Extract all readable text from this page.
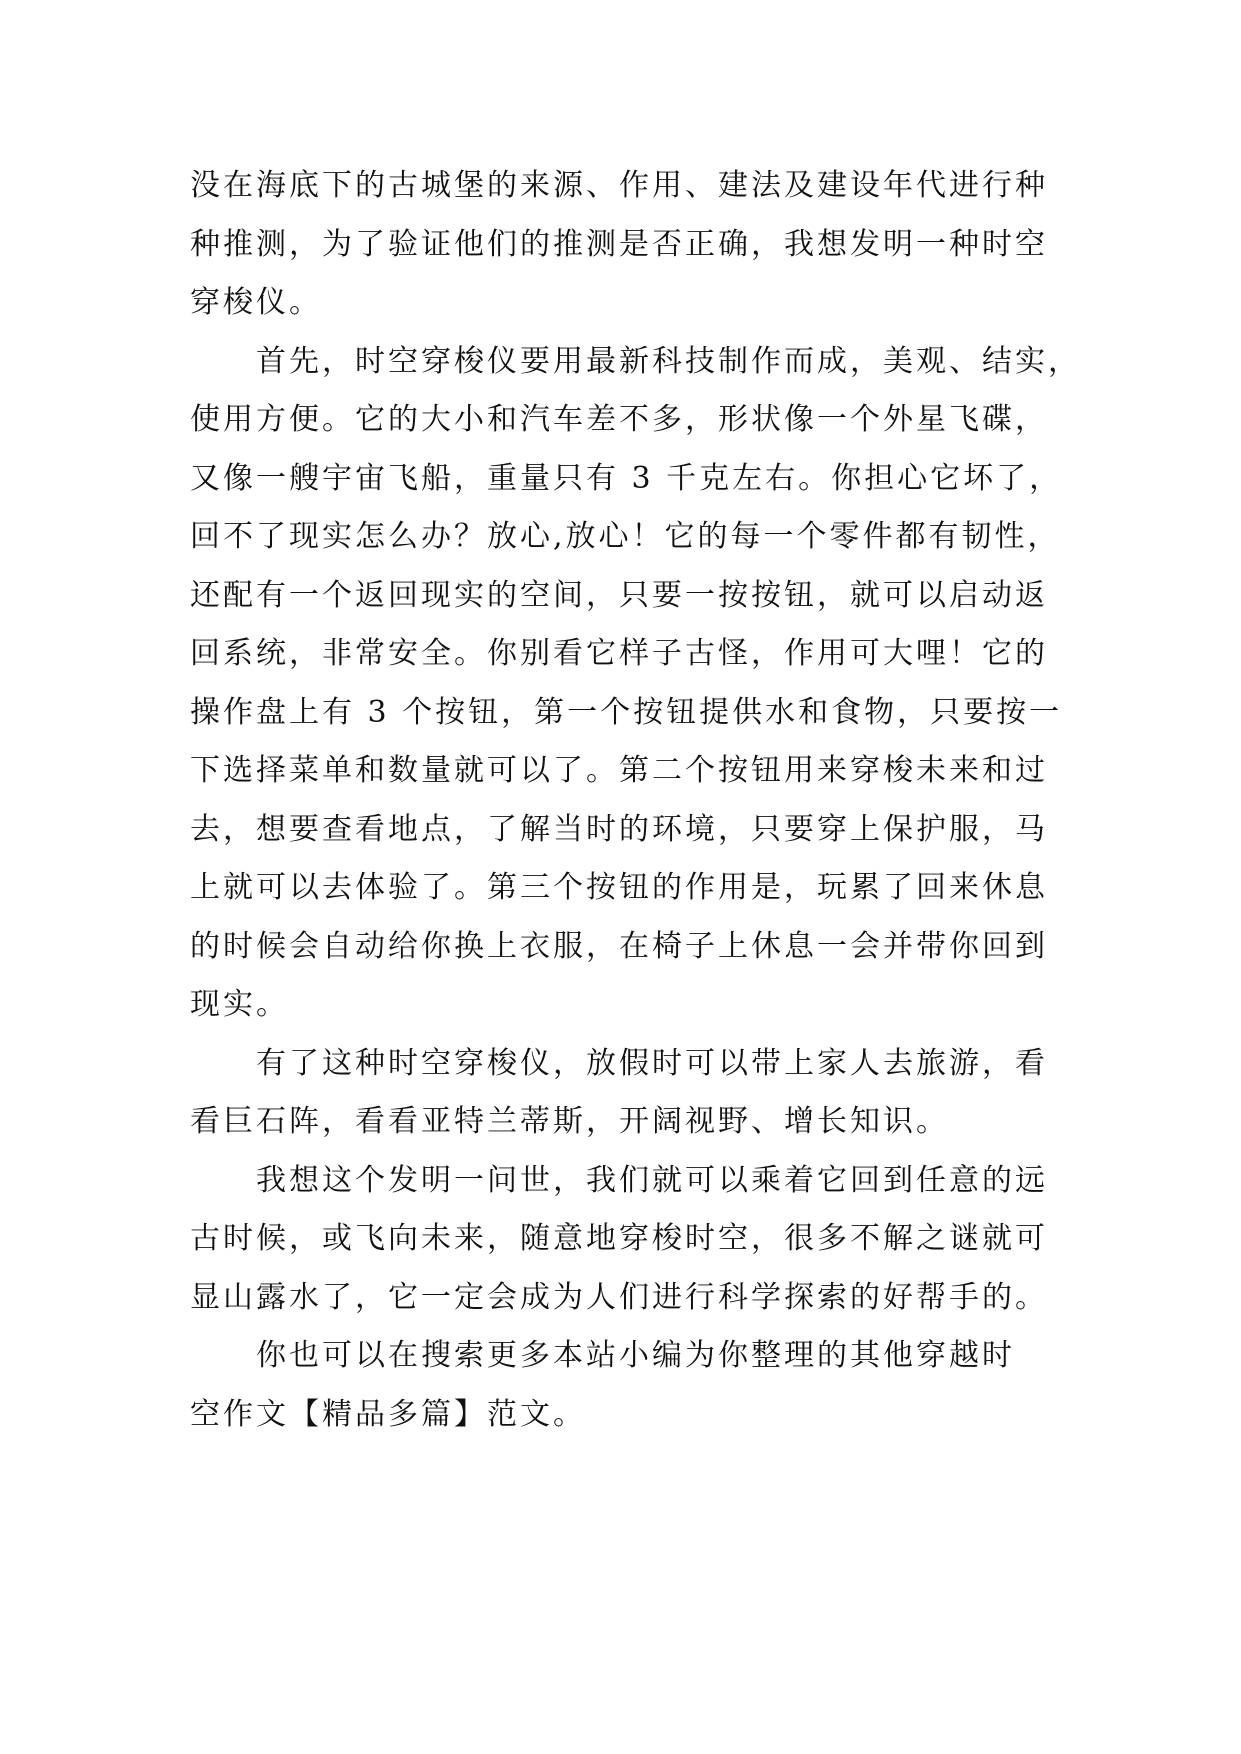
没在海底下的古城堡的来源、作用、建法及建设年代进行种
种推测，为了验证他们的推测是否正确，我想发明一种时空
穿梭仪。
首先，时空穿梭仪要用最新科技制作而成，美观、结实，
使用方便。它的大小和汽车差不多，形状像一个外星飞碟，
又像一艘宇宙飞船，重量只有 3 千克左右。你担心它坏了，
回不了现实怎么办？放心,放心！它的每一个零件都有韧性，
还配有一个返回现实的空间，只要一按按钮，就可以启动返
回系统，非常安全。你别看它样子古怪，作用可大哩！它的
操作盘上有 3 个按钮，第一个按钮提供水和食物，只要按一
下选择菜单和数量就可以了。第二个按钮用来穿梭未来和过
去，想要查看地点，了解当时的环境，只要穿上保护服，马
上就可以去体验了。第三个按钮的作用是，玩累了回来休息
的时候会自动给你换上衣服，在椅子上休息一会并带你回到
现实。
有了这种时空穿梭仪，放假时可以带上家人去旅游，看
看巨石阵，看看亚特兰蒂斯，开阔视野、增长知识。
我想这个发明一问世，我们就可以乘着它回到任意的远
古时候，或飞向未来，随意地穿梭时空，很多不解之谜就可
显山露水了，它一定会成为人们进行科学探索的好帮手的。
你也可以在搜索更多本站小编为你整理的其他穿越时
空作文【精品多篇】范文。
